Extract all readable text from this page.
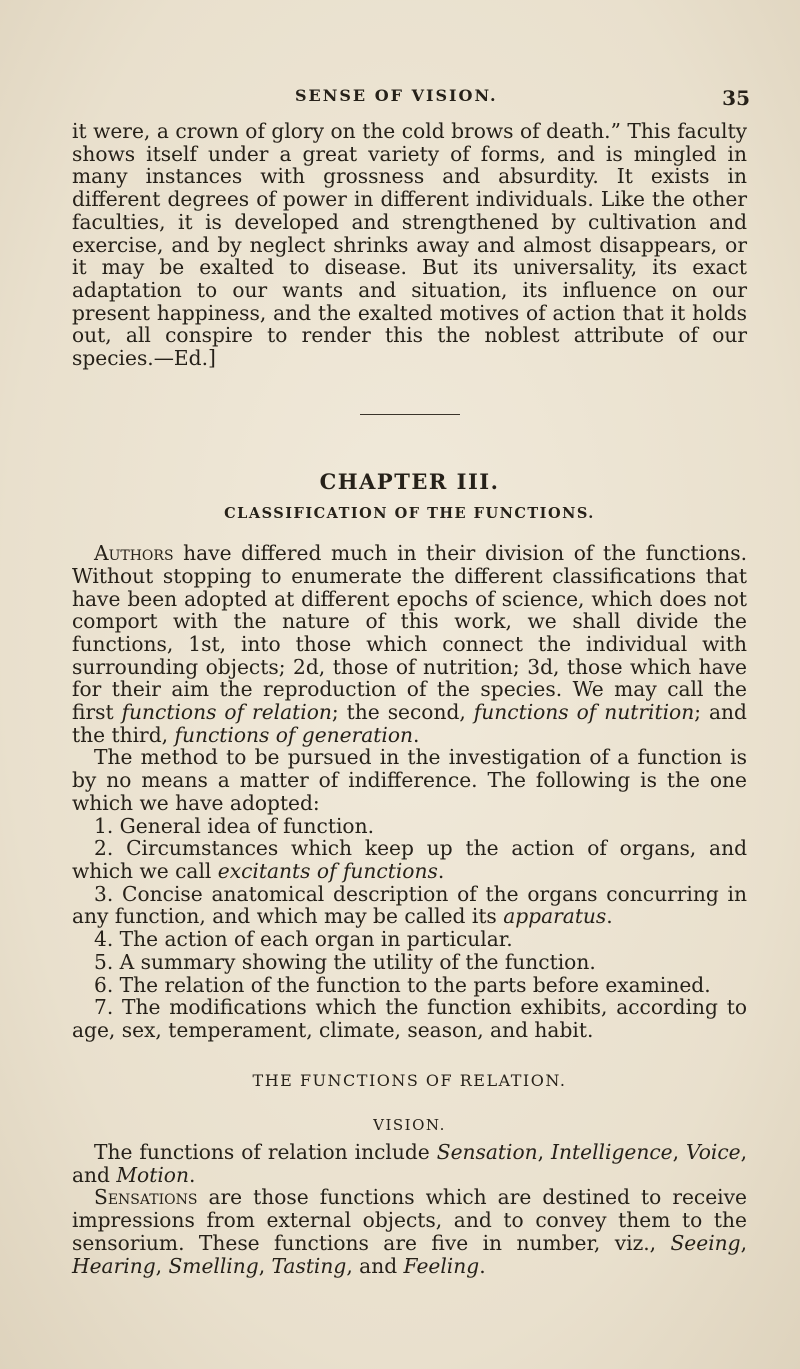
SENSE OF VISION.	35

it were, a crown of glory on the cold brows of death.” This faculty shows itself under a great variety of forms, and is mingled in many instances with grossness and absurdity. It exists in different degrees of power in different individuals. Like the other faculties, it is developed and strengthened by cultivation and exercise, and by neglect shrinks away and almost disappears, or it may be exalted to disease. But its universality, its exact adaptation to our wants and situation, its influence on our present happiness, and the exalted motives of action that it holds out, all conspire to render this the noblest attribute of our species.—Ed.]

CHAPTER III.
CLASSIFICATION OF THE FUNCTIONS.

Authors have differed much in their division of the functions. Without stopping to enumerate the different classifications that have been adopted at different epochs of science, which does not comport with the nature of this work, we shall divide the functions, 1st, into those which connect the individual with surrounding objects; 2d, those of nutrition; 3d, those which have for their aim the reproduction of the species. We may call the first functions of relation; the second, functions of nutrition; and the third, functions of generation.

The method to be pursued in the investigation of a function is by no means a matter of indifference. The following is the one which we have adopted:

1. General idea of function.
2. Circumstances which keep up the action of organs, and which we call excitants of functions.
3. Concise anatomical description of the organs concurring in any function, and which may be called its apparatus.
4. The action of each organ in particular.
5. A summary showing the utility of the function.
6. The relation of the function to the parts before examined.
7. The modifications which the function exhibits, according to age, sex, temperament, climate, season, and habit.
THE FUNCTIONS OF RELATION.
VISION.

The functions of relation include Sensation, Intelligence, Voice, and Motion.

Sensations are those functions which are destined to receive impressions from external objects, and to convey them to the sensorium. These functions are five in number, viz., Seeing, Hearing, Smelling, Tasting, and Feeling.
